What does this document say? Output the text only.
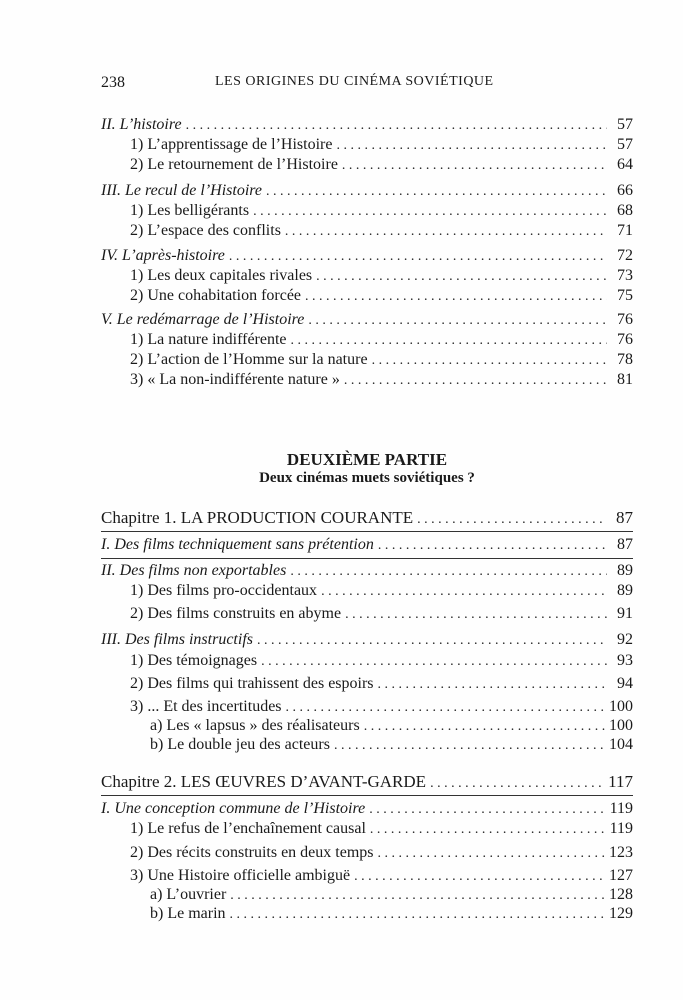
238	LES ORIGINES DU CINÉMA SOVIÉTIQUE
II. L’histoire . . .	57
1) L’apprentissage de l’Histoire . . .	57
2) Le retournement de l’Histoire . . .	64
III. Le recul de l’Histoire . . .	66
1) Les belligérants . . .	68
2) L’espace des conflits . . .	71
IV. L’après-histoire . . .	72
1) Les deux capitales rivales . . .	73
2) Une cohabitation forcée . . .	75
V. Le redémarrage de l’Histoire . . .	76
1) La nature indifférente . . .	76
2) L’action de l’Homme sur la nature . . .	78
3) « La non-indifférente nature » . . .	81
DEUXIÈME PARTIE
Deux cinémas muets soviétiques ?
Chapitre 1. LA PRODUCTION COURANTE . . .	87
I. Des films techniquement sans prétention . . .	87
II. Des films non exportables . . .	89
1) Des films pro-occidentaux . . .	89
2) Des films construits en abyme . . .	91
III. Des films instructifs . . .	92
1) Des témoignages . . .	93
2) Des films qui trahissent des espoirs . . .	94
3) ... Et des incertitudes . . .	100
a) Les « lapsus » des réalisateurs . . .	100
b) Le double jeu des acteurs . . .	104
Chapitre 2. LES ŒUVRES D’AVANT-GARDE . . .	117
I. Une conception commune de l’Histoire . . .	119
1) Le refus de l’enchaînement causal . . .	119
2) Des récits construits en deux temps . . .	123
3) Une Histoire officielle ambiguë . . .	127
a) L’ouvrier . . .	128
b) Le marin . . .	129
